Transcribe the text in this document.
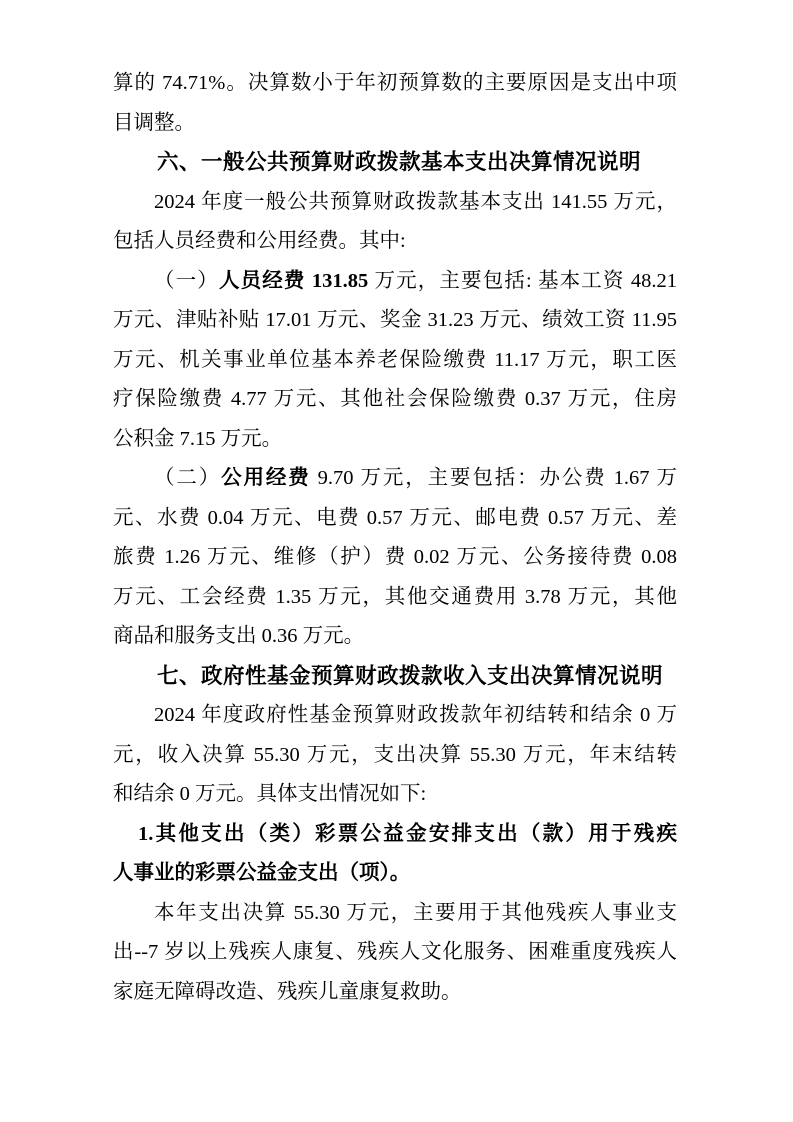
算的 74.71%。决算数小于年初预算数的主要原因是支出中项
目调整。
六、一般公共预算财政拨款基本支出决算情况说明
2024 年度一般公共预算财政拨款基本支出 141.55 万元，
包括人员经费和公用经费。其中:
（一）人员经费 131.85 万元，主要包括: 基本工资 48.21
万元、津贴补贴 17.01 万元、奖金 31.23 万元、绩效工资 11.95
万元、机关事业单位基本养老保险缴费 11.17 万元，职工医
疗保险缴费 4.77 万元、其他社会保险缴费 0.37 万元，住房
公积金 7.15 万元。
（二）公用经费 9.70 万元，主要包括：办公费 1.67 万
元、水费 0.04 万元、电费 0.57 万元、邮电费 0.57 万元、差
旅费 1.26 万元、维修（护）费 0.02 万元、公务接待费 0.08
万元、工会经费 1.35 万元，其他交通费用 3.78 万元，其他
商品和服务支出 0.36 万元。
七、政府性基金预算财政拨款收入支出决算情况说明
2024 年度政府性基金预算财政拨款年初结转和结余 0 万
元，收入决算 55.30 万元，支出决算 55.30 万元，年末结转
和结余 0 万元。具体支出情况如下:
1.其他支出（类）彩票公益金安排支出（款）用于残疾
人事业的彩票公益金支出（项）。
本年支出决算 55.30 万元，主要用于其他残疾人事业支
出--7 岁以上残疾人康复、残疾人文化服务、困难重度残疾人
家庭无障碍改造、残疾儿童康复救助。
